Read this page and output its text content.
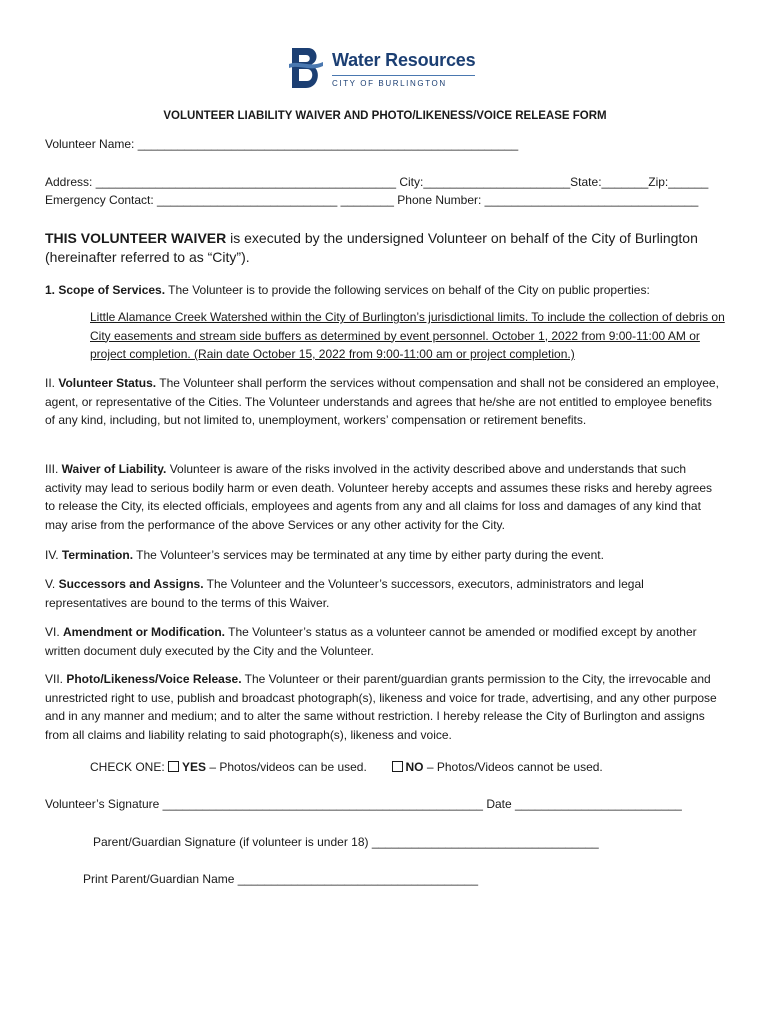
Water Resources
CITY OF BURLINGTON
VOLUNTEER LIABILITY WAIVER AND PHOTO/LIKENESS/VOICE RELEASE FORM
Volunteer Name: _________________________________________________________
Address: _____________________________________________ City:______________________State:_______Zip:______
Emergency Contact: ___________________________ ________ Phone Number: ________________________________
THIS VOLUNTEER WAIVER is executed by the undersigned Volunteer on behalf of the City of Burlington (hereinafter referred to as “City”).
1. Scope of Services. The Volunteer is to provide the following services on behalf of the City on public properties:
Little Alamance Creek Watershed within the City of Burlington’s jurisdictional limits. To include the collection of debris on City easements and stream side buffers as determined by event personnel. October 1, 2022 from 9:00-11:00 AM or project completion. (Rain date October 15, 2022 from 9:00-11:00 am or project completion.)
II. Volunteer Status. The Volunteer shall perform the services without compensation and shall not be considered an employee, agent, or representative of the Cities. The Volunteer understands and agrees that he/she are not entitled to employee benefits of any kind, including, but not limited to, unemployment, workers’ compensation or retirement benefits.
III. Waiver of Liability. Volunteer is aware of the risks involved in the activity described above and understands that such activity may lead to serious bodily harm or even death. Volunteer hereby accepts and assumes these risks and hereby agrees to release the City, its elected officials, employees and agents from any and all claims for loss and damages of any kind that may arise from the performance of the above Services or any other activity for the City.
IV. Termination. The Volunteer’s services may be terminated at any time by either party during the event.
V. Successors and Assigns. The Volunteer and the Volunteer’s successors, executors, administrators and legal representatives are bound to the terms of this Waiver.
VI. Amendment or Modification. The Volunteer’s status as a volunteer cannot be amended or modified except by another written document duly executed by the City and the Volunteer.
VII. Photo/Likeness/Voice Release. The Volunteer or their parent/guardian grants permission to the City, the irrevocable and unrestricted right to use, publish and broadcast photograph(s), likeness and voice for trade, advertising, and any other purpose and in any manner and medium; and to alter the same without restriction. I hereby release the City of Burlington and assigns from all claims and liability relating to said photograph(s), likeness and voice.
CHECK ONE: YES – Photos/videos can be used.	NO – Photos/Videos cannot be used.
Volunteer’s Signature ________________________________________________ Date _________________________
Parent/Guardian Signature (if volunteer is under 18) __________________________________
Print Parent/Guardian Name ____________________________________
